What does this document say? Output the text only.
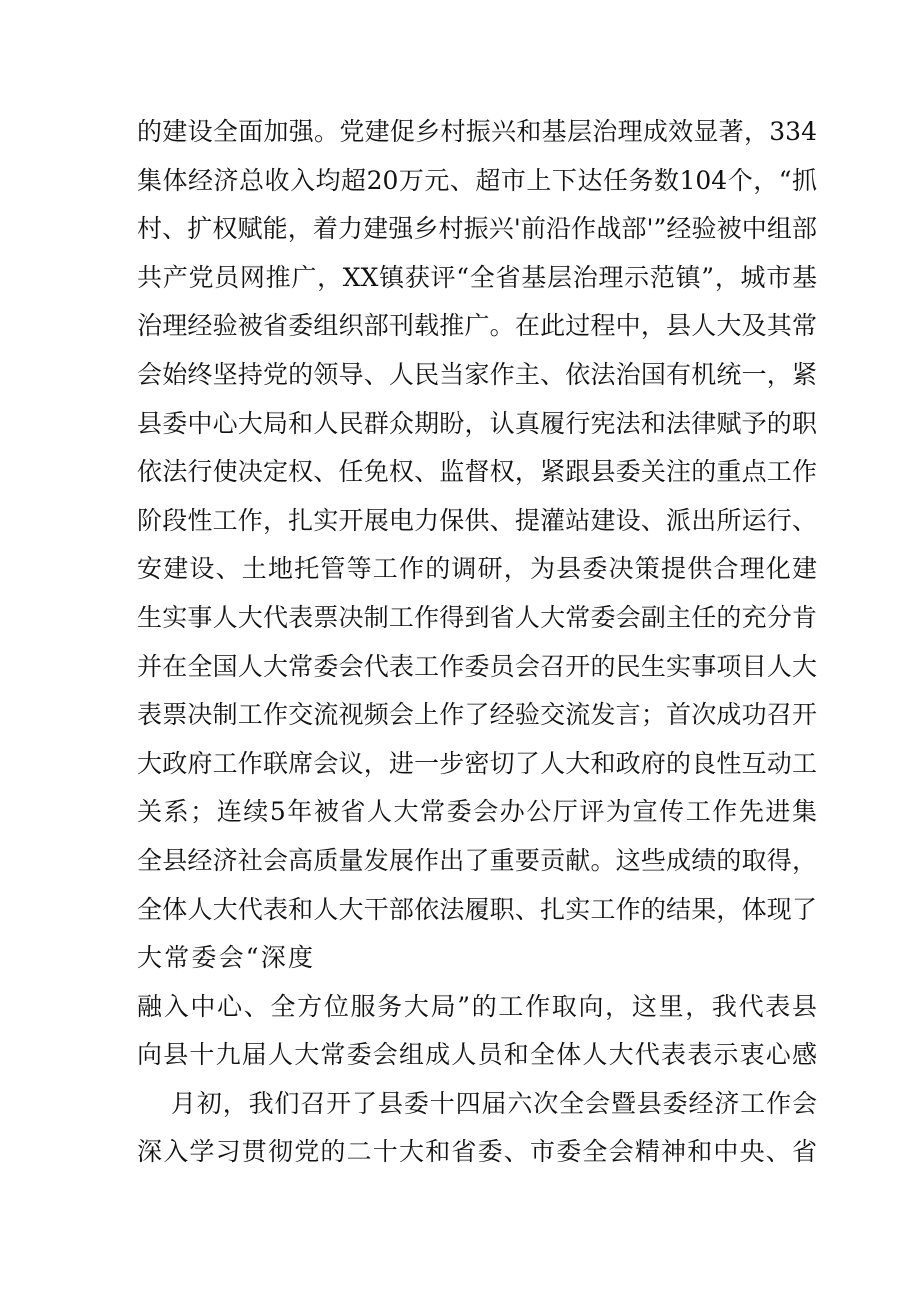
的建设全面加强。党建促乡村振兴和基层治理成效显著，334
集体经济总收入均超20万元、超市上下达任务数104个，“抓
村、扩权赋能，着力建强乡村振兴'前沿作战部'”经验被中组部
共产党员网推广，XX镇获评“全省基层治理示范镇”，城市基
治理经验被省委组织部刊载推广。在此过程中，县人大及其常
会始终坚持党的领导、人民当家作主、依法治国有机统一，紧
县委中心大局和人民群众期盼，认真履行宪法和法律赋予的职
依法行使决定权、任免权、监督权，紧跟县委关注的重点工作
阶段性工作，扎实开展电力保供、提灌站建设、派出所运行、
安建设、土地托管等工作的调研，为县委决策提供合理化建
生实事人大代表票决制工作得到省人大常委会副主任的充分肯
并在全国人大常委会代表工作委员会召开的民生实事项目人大
表票决制工作交流视频会上作了经验交流发言；首次成功召开
大政府工作联席会议，进一步密切了人大和政府的良性互动工
关系；连续5年被省人大常委会办公厅评为宣传工作先进集
全县经济社会高质量发展作出了重要贡献。这些成绩的取得，
全体人大代表和人大干部依法履职、扎实工作的结果，体现了
大常委会“深度
融入中心、全方位服务大局”的工作取向，这里，我代表县
向县十九届人大常委会组成人员和全体人大代表表示衷心感
月初，我们召开了县委十四届六次全会暨县委经济工作会
深入学习贯彻党的二十大和省委、市委全会精神和中央、省
